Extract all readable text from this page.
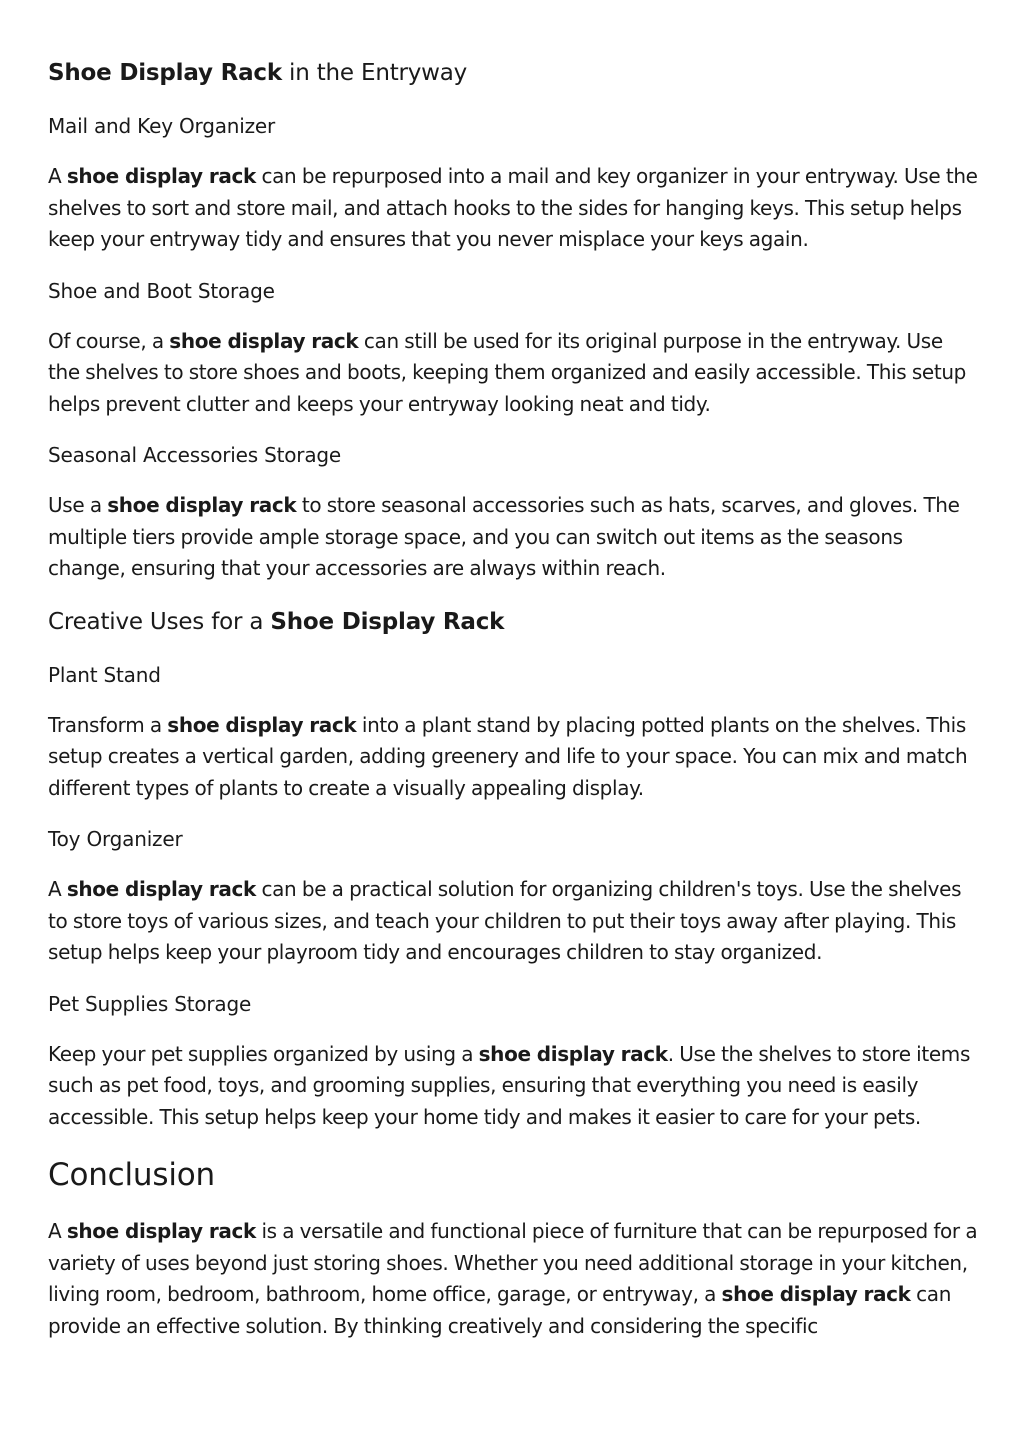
Shoe Display Rack in the Entryway
Mail and Key Organizer

A shoe display rack can be repurposed into a mail and key organizer in your entryway. Use the shelves to sort and store mail, and attach hooks to the sides for hanging keys. This setup helps keep your entryway tidy and ensures that you never misplace your keys again.

Shoe and Boot Storage

Of course, a shoe display rack can still be used for its original purpose in the entryway. Use the shelves to store shoes and boots, keeping them organized and easily accessible. This setup helps prevent clutter and keeps your entryway looking neat and tidy.

Seasonal Accessories Storage

Use a shoe display rack to store seasonal accessories such as hats, scarves, and gloves. The multiple tiers provide ample storage space, and you can switch out items as the seasons change, ensuring that your accessories are always within reach.

Creative Uses for a Shoe Display Rack
Plant Stand

Transform a shoe display rack into a plant stand by placing potted plants on the shelves. This setup creates a vertical garden, adding greenery and life to your space. You can mix and match different types of plants to create a visually appealing display.

Toy Organizer

A shoe display rack can be a practical solution for organizing children's toys. Use the shelves to store toys of various sizes, and teach your children to put their toys away after playing. This setup helps keep your playroom tidy and encourages children to stay organized.

Pet Supplies Storage

Keep your pet supplies organized by using a shoe display rack. Use the shelves to store items such as pet food, toys, and grooming supplies, ensuring that everything you need is easily accessible. This setup helps keep your home tidy and makes it easier to care for your pets.

Conclusion

A shoe display rack is a versatile and functional piece of furniture that can be repurposed for a variety of uses beyond just storing shoes. Whether you need additional storage in your kitchen, living room, bedroom, bathroom, home office, garage, or entryway, a shoe display rack can provide an effective solution. By thinking creatively and considering the specific
